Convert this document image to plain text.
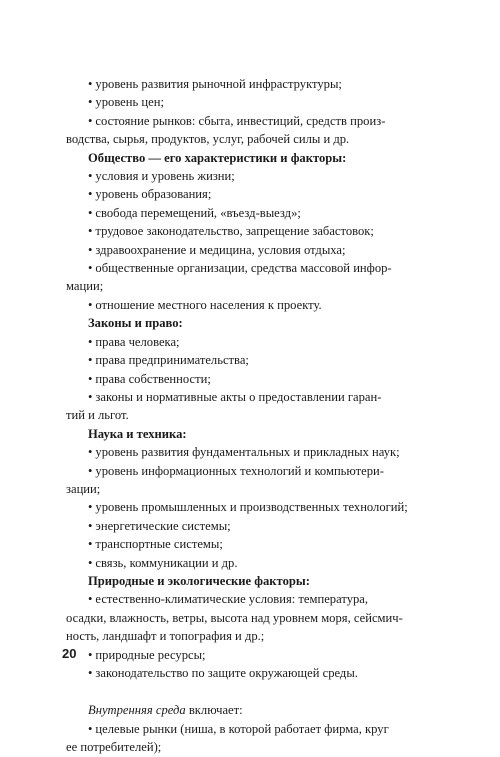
• уровень развития рыночной инфраструктуры;
• уровень цен;
• состояние рынков: сбыта, инвестиций, средств произ-
водства, сырья, продуктов, услуг, рабочей силы и др.
Общество — его характеристики и факторы:
• условия и уровень жизни;
• уровень образования;
• свобода перемещений, «въезд-выезд»;
• трудовое законодательство, запрещение забастовок;
• здравоохранение и медицина, условия отдыха;
• общественные организации, средства массовой инфор-
мации;
• отношение местного населения к проекту.
Законы и право:
• права человека;
• права предпринимательства;
• права собственности;
• законы и нормативные акты о предоставлении гаран-
тий и льгот.
Наука и техника:
• уровень развития фундаментальных и прикладных наук;
• уровень информационных технологий и компьютери-
зации;
• уровень промышленных и производственных технологий;
• энергетические системы;
• транспортные системы;
• связь, коммуникации и др.
Природные и экологические факторы:
• естественно-климатические условия: температура,
осадки, влажность, ветры, высота над уровнем моря, сейсмич-
ность, ландшафт и топография и др.;
• природные ресурсы;
• законодательство по защите окружающей среды.
Внутренняя среда включает:
• целевые рынки (ниша, в которой работает фирма, круг
ее потребителей);
20
